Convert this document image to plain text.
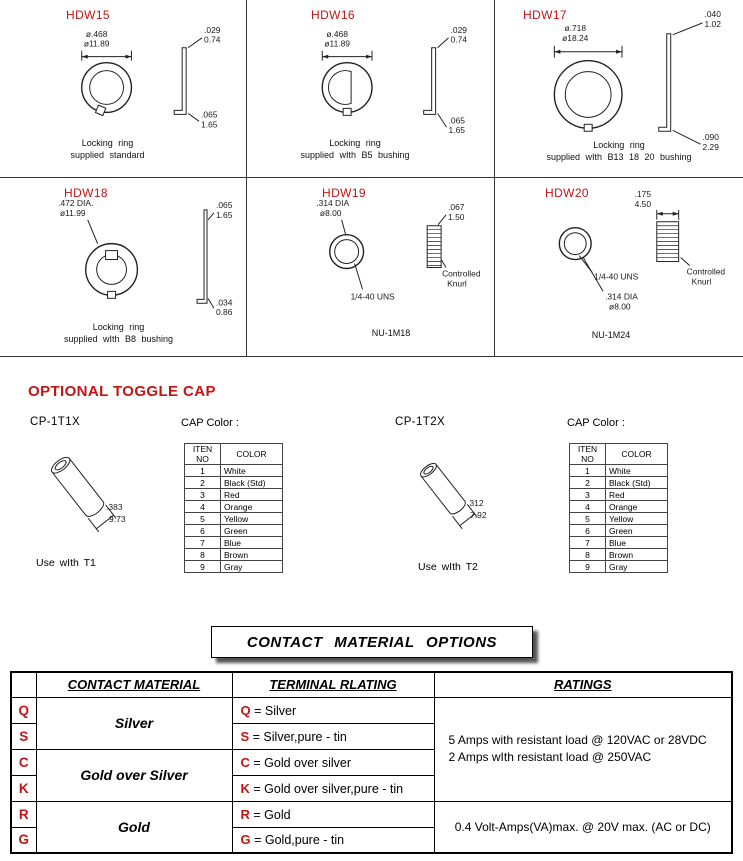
HDW15
ø.468
ø11.89
.029
0.74
.065
1.65
Locking ring
supplied standard
HDW16
ø.468
ø11.89
.029
0.74
.065
1.65
Locking ring
supplied wIth B5 bushing
HDW17
ø.718
ø18.24
.040
1.02
.090
2.29
Locking ring
supplied wIth B13 18 20 bushing
HDW18
.472 DIA.
ø11.99
.065
1.65
.034
0.86
Locking ring
supplied wIth B8 bushing
HDW19
.314 DIA
ø8.00
1/4-40 UNS
.067
1.50
Controlled
Knurl
NU-1M18
HDW20	.175
4.50
Controlled
Knurl
1/4-40 UNS
.314 DIA
ø8.00
NU-1M24
OPTIONAL TOGGLE CAP
CP-1T1X	CAP Color :
.383
9.73
ITEN NO	COLOR
1	White
2	Black (Std)
3	Red
4	Orange
5	Yellow
6	Green
7	Blue
8	Brown
9	Gray
Use wIth T1
CP-1T2X	CAP Color :
.312
7.92
ITEN NO	COLOR
1	White
2	Black (Std)
3	Red
4	Orange
5	Yellow
6	Green
7	Blue
8	Brown
9	Gray
Use wIth T2
CONTACT MATERIAL OPTIONS
	CONTACT MATERIAL	TERMINAL RLATING	RATINGS
Q	Silver	Q = Silver	5 Amps with resistant load @ 120VAC or 28VDC
2 Amps wIth resistant load @ 250VAC

S		S = Silver,pure - tin	
C	Gold over Silver	C = Gold over silver	
K		K = Gold over silver,pure - tin	
R	Gold	R = Gold	0.4 Volt-Amps(VA)max. @ 20V max. (AC or DC)
G		G = Gold,pure - tin	
